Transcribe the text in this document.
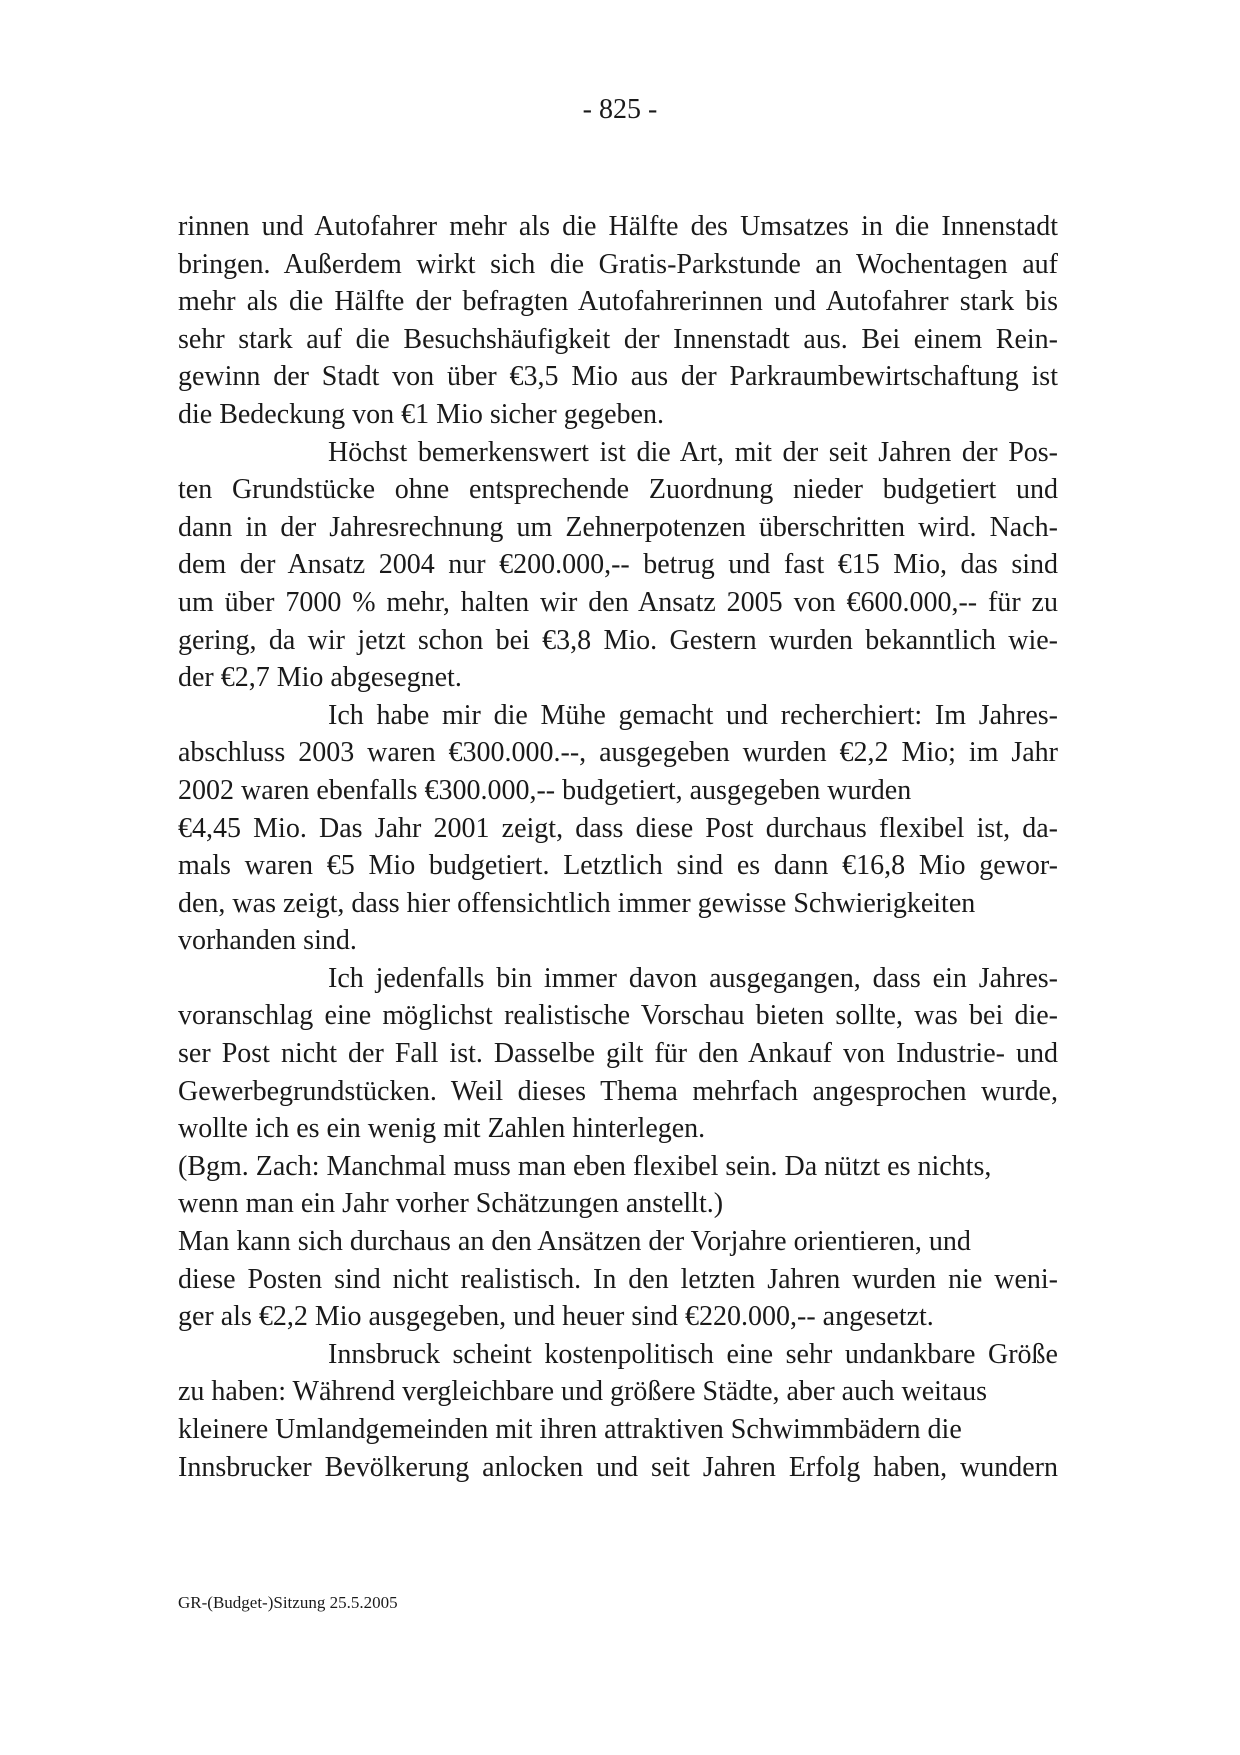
- 825 -
rinnen und Autofahrer mehr als die Hälfte des Umsatzes in die Innenstadt
bringen. Außerdem wirkt sich die Gratis-Parkstunde an Wochentagen auf
mehr als die Hälfte der befragten Autofahrerinnen und Autofahrer stark bis
sehr stark auf die Besuchshäufigkeit der Innenstadt aus. Bei einem Rein-
gewinn der Stadt von über €3,5 Mio aus der Parkraumbewirtschaftung ist
die Bedeckung von €1 Mio sicher gegeben.
Höchst bemerkenswert ist die Art, mit der seit Jahren der Pos-
ten Grundstücke ohne entsprechende Zuordnung nieder budgetiert und
dann in der Jahresrechnung um Zehnerpotenzen überschritten wird. Nach-
dem der Ansatz 2004 nur €200.000,-- betrug und fast €15 Mio, das sind
um über 7000 % mehr, halten wir den Ansatz 2005 von €600.000,-- für zu
gering, da wir jetzt schon bei €3,8 Mio. Gestern wurden bekanntlich wie-
der €2,7 Mio abgesegnet.
Ich habe mir die Mühe gemacht und recherchiert: Im Jahres-
abschluss 2003 waren €300.000.--, ausgegeben wurden €2,2 Mio; im Jahr
2002 waren ebenfalls €300.000,-- budgetiert, ausgegeben wurden
€4,45 Mio. Das Jahr 2001 zeigt, dass diese Post durchaus flexibel ist, da-
mals waren €5 Mio budgetiert. Letztlich sind es dann €16,8 Mio gewor-
den, was zeigt, dass hier offensichtlich immer gewisse Schwierigkeiten
vorhanden sind.
Ich jedenfalls bin immer davon ausgegangen, dass ein Jahres-
voranschlag eine möglichst realistische Vorschau bieten sollte, was bei die-
ser Post nicht der Fall ist. Dasselbe gilt für den Ankauf von Industrie- und
Gewerbegrundstücken. Weil dieses Thema mehrfach angesprochen wurde,
wollte ich es ein wenig mit Zahlen hinterlegen.
(Bgm. Zach: Manchmal muss man eben flexibel sein. Da nützt es nichts,
wenn man ein Jahr vorher Schätzungen anstellt.)
Man kann sich durchaus an den Ansätzen der Vorjahre orientieren, und
diese Posten sind nicht realistisch. In den letzten Jahren wurden nie weni-
ger als €2,2 Mio ausgegeben, und heuer sind €220.000,-- angesetzt.
Innsbruck scheint kostenpolitisch eine sehr undankbare Größe
zu haben: Während vergleichbare und größere Städte, aber auch weitaus
kleinere Umlandgemeinden mit ihren attraktiven Schwimmbädern die
Innsbrucker Bevölkerung anlocken und seit Jahren Erfolg haben, wundern
GR-(Budget-)Sitzung 25.5.2005
